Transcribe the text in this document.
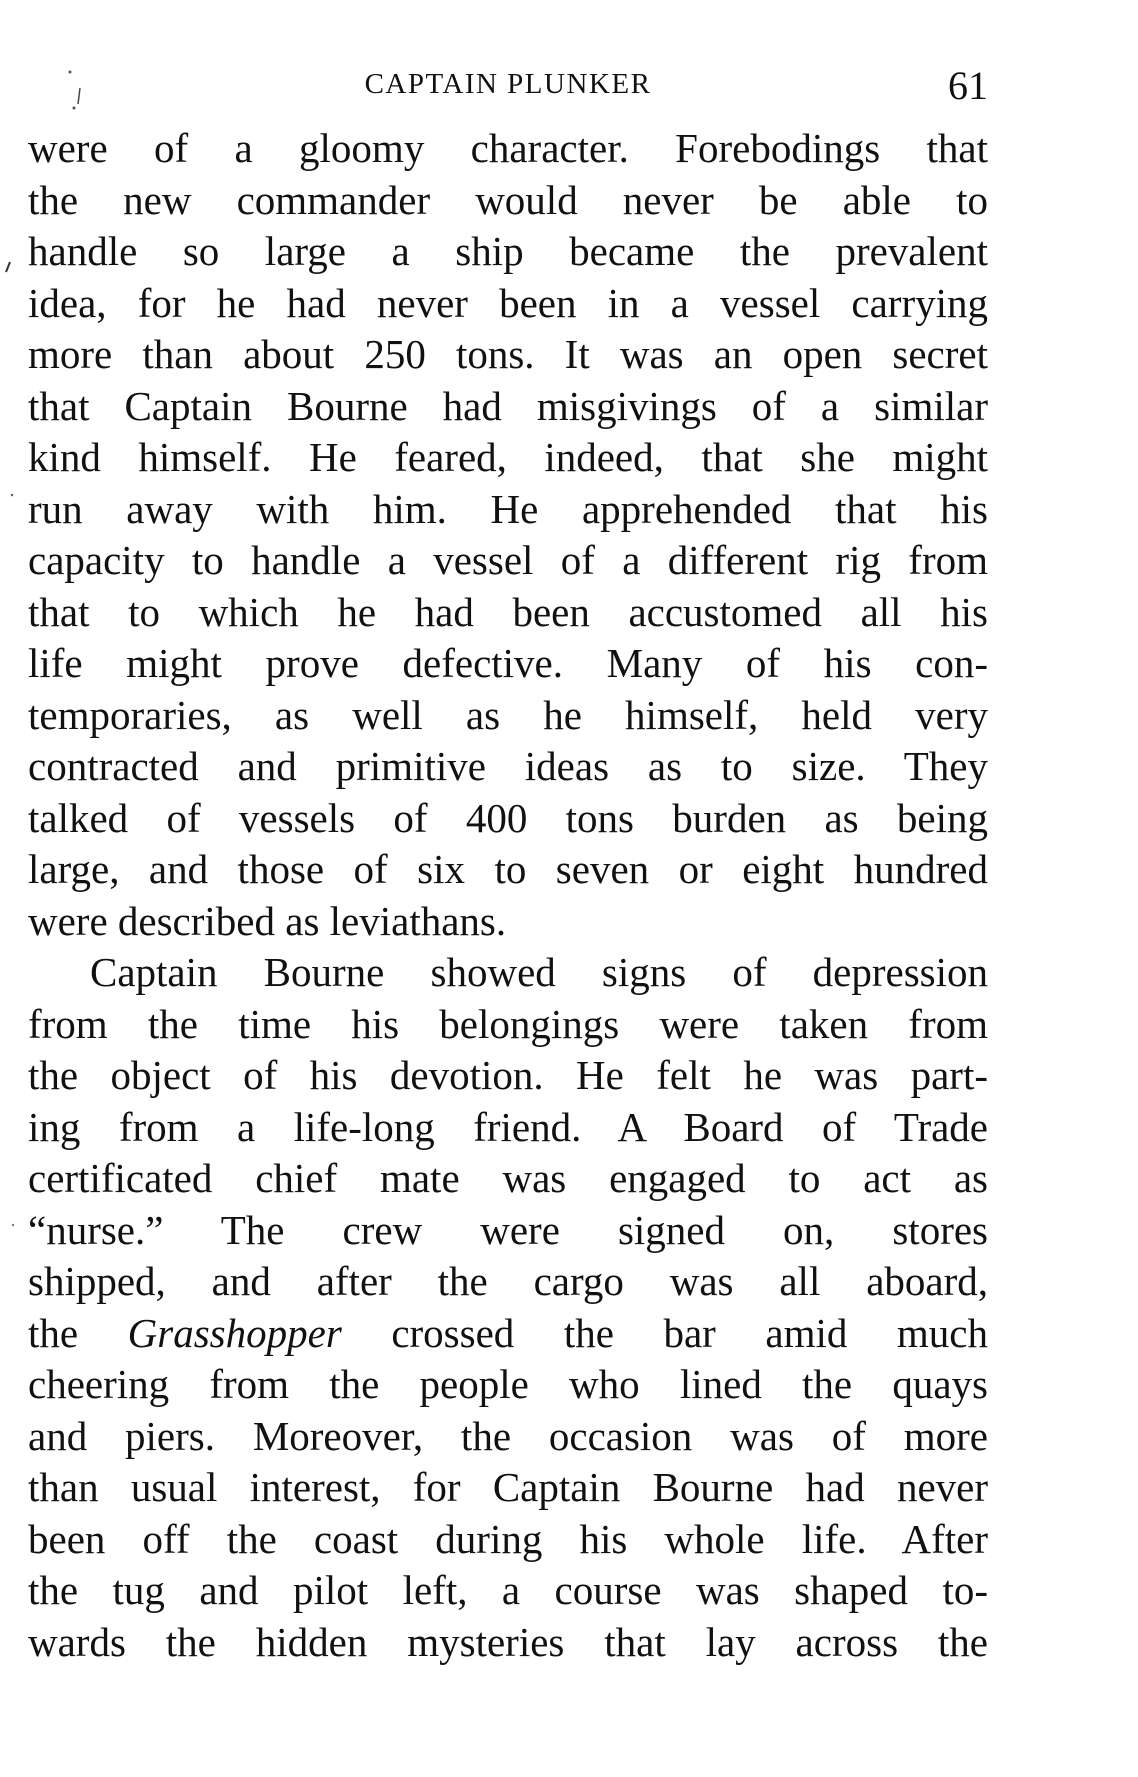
CAPTAIN PLUNKER	61
were of a gloomy character. Forebodings that
the new commander would never be able to
handle so large a ship became the prevalent
idea, for he had never been in a vessel carrying
more than about 250 tons. It was an open secret
that Captain Bourne had misgivings of a similar
kind himself. He feared, indeed, that she might
run away with him. He apprehended that his
capacity to handle a vessel of a different rig from
that to which he had been accustomed all his
life might prove defective. Many of his con-
temporaries, as well as he himself, held very
contracted and primitive ideas as to size. They
talked of vessels of 400 tons burden as being
large, and those of six to seven or eight hundred
were described as leviathans.
Captain Bourne showed signs of depression
from the time his belongings were taken from
the object of his devotion. He felt he was part-
ing from a life-long friend. A Board of Trade
certificated chief mate was engaged to act as
“nurse.” The crew were signed on, stores
shipped, and after the cargo was all aboard,
the Grasshopper crossed the bar amid much
cheering from the people who lined the quays
and piers. Moreover, the occasion was of more
than usual interest, for Captain Bourne had never
been off the coast during his whole life. After
the tug and pilot left, a course was shaped to-
wards the hidden mysteries that lay across the
